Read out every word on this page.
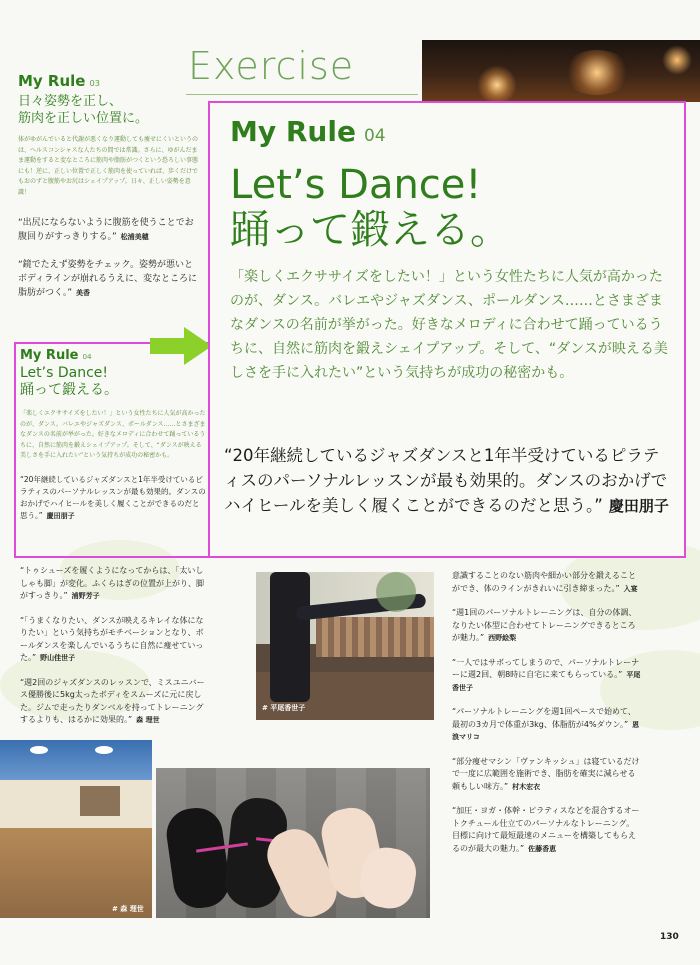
Exercise
My Rule 03
日々姿勢を正し、
筋肉を正しい位置に。
体がゆがんでいると代謝が悪くなり運動しても痩せにくいというのは、ヘルスコンシャスな人たちの間では常識。さらに、ゆがんだまま運動をすると変なところに筋肉や脂肪がつくという恐ろしい事態にも！逆に、正しい位置で正しく筋肉を使っていれば、歩くだけでもおのずと腹筋やお尻はシェイプアップ。日々、正しい姿勢を意識！
“出尻にならないように腹筋を使うことでお腹回りがすっきりする。” 松浦美穂
“鏡でたえず姿勢をチェック。姿勢が悪いとボディラインが崩れるうえに、変なところに脂肪がつく。” 美香
My Rule 04
Let’s Dance!
踊って鍛える。
「楽しくエクササイズをしたい！」という女性たちに人気が高かったのが、ダンス。バレエやジャズダンス、ポールダンス……とさまざまなダンスの名前が挙がった。好きなメロディに合わせて踊っているうちに、自然に筋肉を鍛えシェイプアップ。そして、“ダンスが映える美しさを手に入れたい”という気持ちが成功の秘密かも。
“20年継続しているジャズダンスと1年半受けているピラティスのパーソナルレッスンが最も効果的。ダンスのおかげでハイヒールを美しく履くことができるのだと思う。” 慶田朋子
My Rule 04
Let’s Dance!
踊って鍛える。
「楽しくエクササイズをしたい！」という女性たちに人気が高かったのが、ダンス。バレエやジャズダンス、ポールダンス……とさまざまなダンスの名前が挙がった。好きなメロディに合わせて踊っているうちに、自然に筋肉を鍛えシェイプアップ。そして、“ダンスが映える美しさを手に入れたい”という気持ちが成功の秘密かも。
“20年継続しているジャズダンスと1年半受けているピラティスのパーソナルレッスンが最も効果的。ダンスのおかげでハイヒールを美しく履くことができるのだと思う。” 慶田朋子
“トゥシューズを履くようになってからは、「太いししゃも脚」が変化。ふくらはぎの位置が上がり、脚がすっきり。” 浦野芳子
“「うまくなりたい、ダンスが映えるキレイな体になりたい」という気持ちがモチベーションとなり、ボールダンスを楽しんでいるうちに自然に痩せていった。” 野山佳世子
“週2回のジャズダンスのレッスンで、ミスユニバース優勝後に5kg太ったボディをスムーズに元に戻した。ジムで走ったりダンベルを持ってトレーニングするよりも、はるかに効果的。” 森 理世
# 平尾香世子
# 森 理世
意識することのない筋肉や細かい部分を鍛えることができ、体のラインがきれいに引き締まった。” 入宴
“週1回のパーソナルトレーニングは、自分の体調、なりたい体型に合わせてトレーニングできるところが魅力。” 西野絵梨
“一人ではサボってしまうので、パーソナルトレーナーに週2回、朝8時に自宅に来てもらっている。” 平尾香世子
“パーソナルトレーニングを週1回ペースで始めて、最初の3カ月で体重が3kg、体脂肪が4%ダウン。” 恩浪マリコ
“部分痩せマシン「ヴァンキッシュ」は寝ているだけで一度に広範囲を施術でき、脂肪を確実に減らせる頼もしい味方。” 村木宏衣
“加圧・ヨガ・体幹・ピラティスなどを混合するオートクチュール仕立てのパーソナルなトレーニング。目標に向けて最短最速のメニューを構築してもらえるのが最大の魅力。” 佐藤香恵
130
